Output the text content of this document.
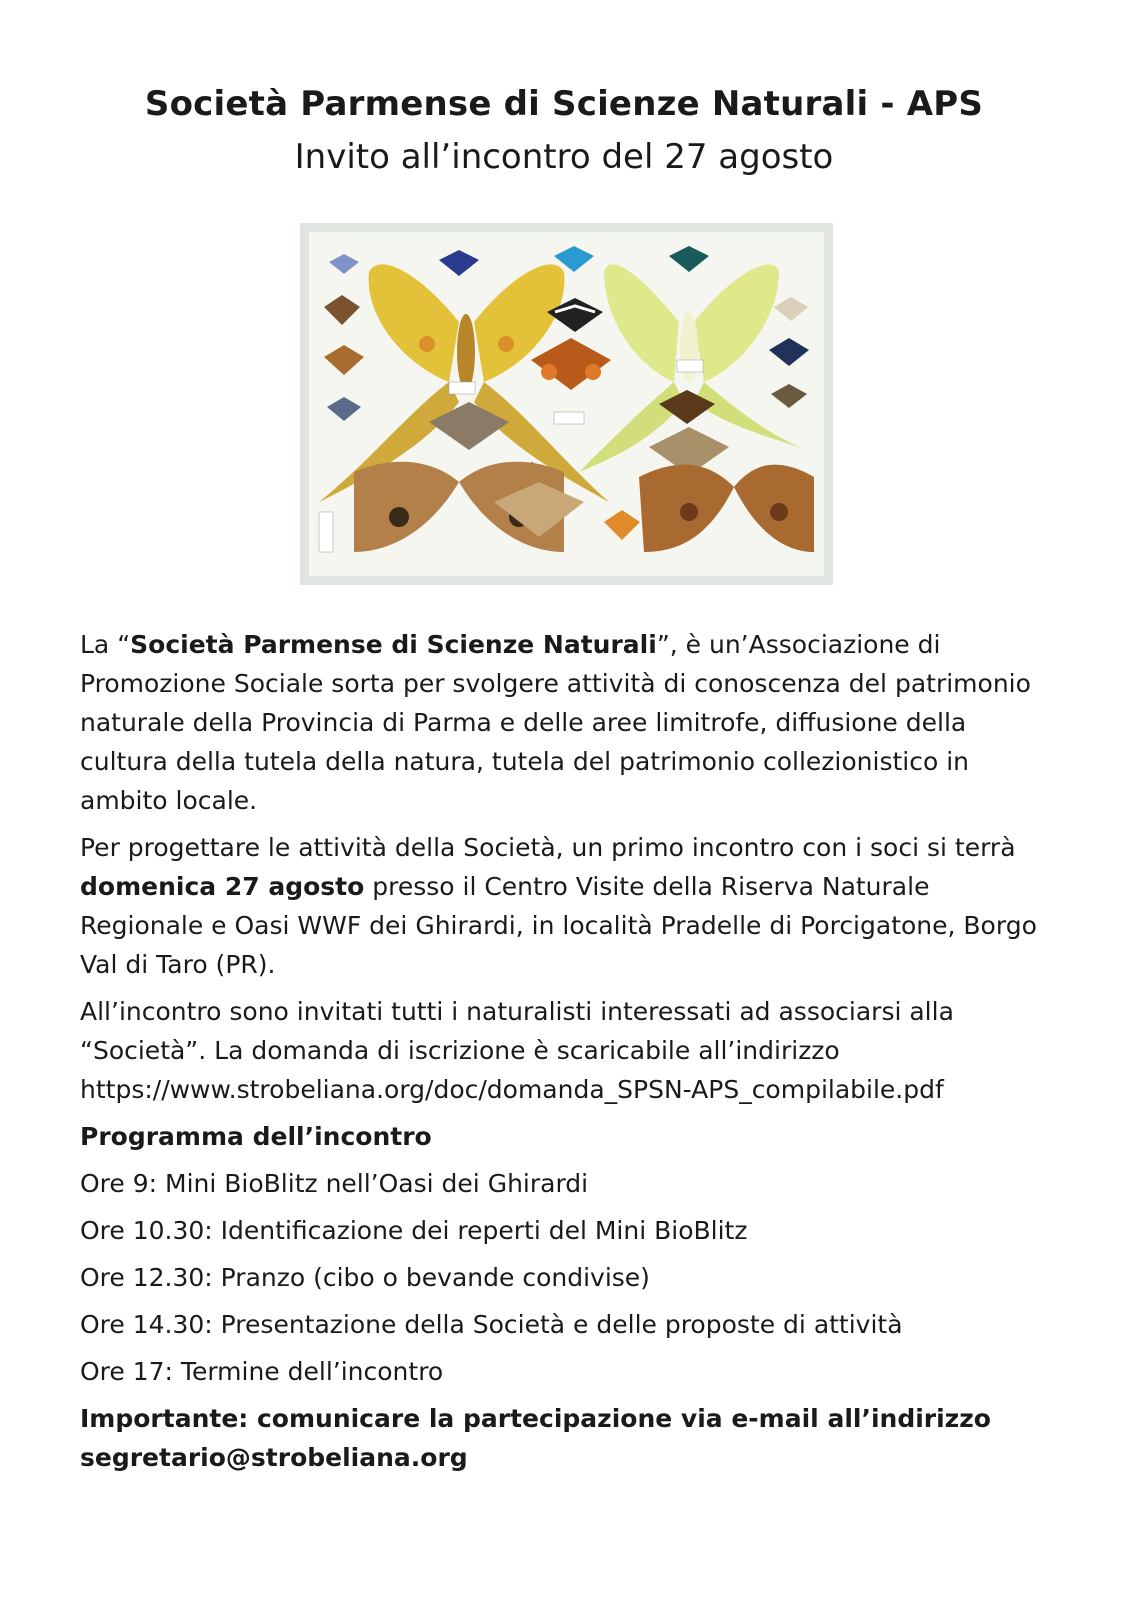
Società Parmense di Scienze Naturali - APS
Invito all’incontro del 27 agosto

La “Società Parmense di Scienze Naturali”, è un’Associazione di Promozione Sociale sorta per svolgere attività di conoscenza del patrimonio naturale della Provincia di Parma e delle aree limitrofe, diffusione della cultura della tutela della natura, tutela del patrimonio collezionistico in ambito locale.

Per progettare le attività della Società, un primo incontro con i soci si terrà domenica 27 agosto presso il Centro Visite della Riserva Naturale Regionale e Oasi WWF dei Ghirardi, in località Pradelle di Porcigatone, Borgo Val di Taro (PR).

All’incontro sono invitati tutti i naturalisti interessati ad associarsi alla “Società”. La domanda di iscrizione è scaricabile all’indirizzo
https://www.strobeliana.org/doc/domanda_SPSN-APS_compilabile.pdf

Programma dell’incontro
Ore 9: Mini BioBlitz nell’Oasi dei Ghirardi
Ore 10.30: Identificazione dei reperti del Mini BioBlitz
Ore 12.30: Pranzo (cibo o bevande condivise)
Ore 14.30: Presentazione della Società e delle proposte di attività
Ore 17: Termine dell’incontro

Importante: comunicare la partecipazione via e-mail all’indirizzo
segretario@strobeliana.org
